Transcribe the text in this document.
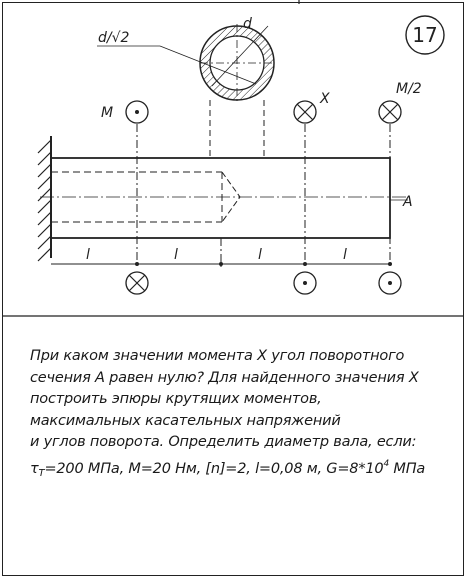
17
d/√2
d
A
M
X
M/2
l	l	l	l
При каком значении момента X угол поворотного
сечения A равен нулю? Для найденного значения X
построить эпюры крутящих моментов,
максимальных касательных напряжений
и углов поворота. Определить диаметр вала, если:
$\tau_Т=200$ МПа, M=20 Нм, [n]=2, l=0,08 м, $G=8*10^4$ МПа
